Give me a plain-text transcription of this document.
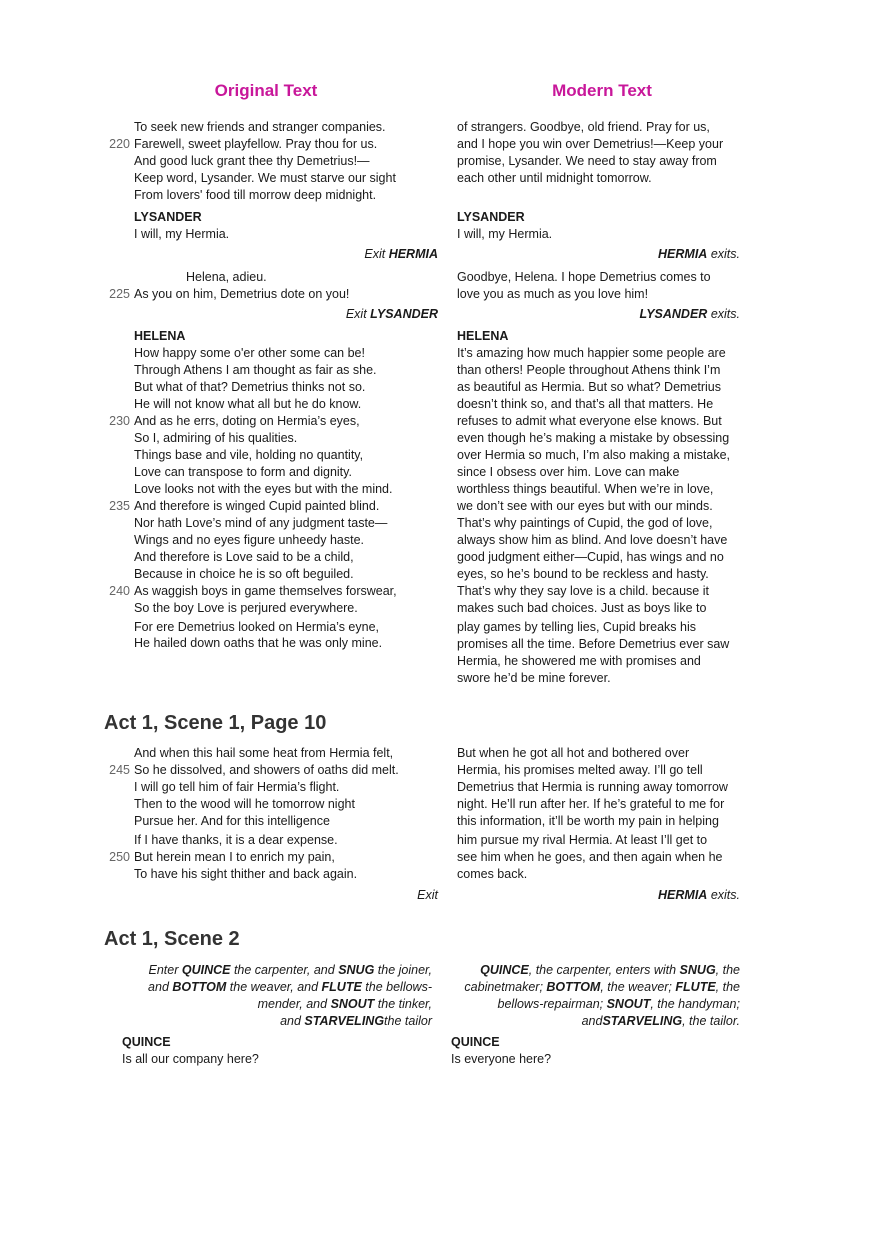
Original Text	Modern Text
To seek new friends and stranger companies.
220 Farewell, sweet playfellow. Pray thou for us.
And good luck grant thee thy Demetrius!—
Keep word, Lysander. We must starve our sight
From lovers' food till morrow deep midnight.
LYSANDER
I will, my Hermia.
Exit HERMIA
of strangers. Goodbye, old friend. Pray for us,
and I hope you win over Demetrius!—Keep your
promise, Lysander. We need to stay away from
each other until midnight tomorrow.
LYSANDER
I will, my Hermia.
HERMIA exits.
Helena, adieu.
225 As you on him, Demetrius dote on you!
Exit LYSANDER
Goodbye, Helena. I hope Demetrius comes to
love you as much as you love him!
LYSANDER exits.
HELENA
How happy some o'er other some can be!
Through Athens I am thought as fair as she.
But what of that? Demetrius thinks not so.
He will not know what all but he do know.
230 And as he errs, doting on Hermia’s eyes,
So I, admiring of his qualities.
Things base and vile, holding no quantity,
Love can transpose to form and dignity.
Love looks not with the eyes but with the mind.
235 And therefore is winged Cupid painted blind.
Nor hath Love’s mind of any judgment taste—
Wings and no eyes figure unheedy haste.
And therefore is Love said to be a child,
Because in choice he is so oft beguiled.
240 As waggish boys in game themselves forswear,
So the boy Love is perjured everywhere.
For ere Demetrius looked on Hermia’s eyne,
He hailed down oaths that he was only mine.
HELENA
It’s amazing how much happier some people are
than others! People throughout Athens think I’m
as beautiful as Hermia. But so what? Demetrius
doesn’t think so, and that’s all that matters. He
refuses to admit what everyone else knows. But
even though he’s making a mistake by obsessing
over Hermia so much, I’m also making a mistake,
since I obsess over him. Love can make
worthless things beautiful. When we’re in love,
we don’t see with our eyes but with our minds.
That’s why paintings of Cupid, the god of love,
always show him as blind. And love doesn’t have
good judgment either—Cupid, has wings and no
eyes, so he’s bound to be reckless and hasty.
That’s why they say love is a child. because it
makes such bad choices. Just as boys like to
play games by telling lies, Cupid breaks his
promises all the time. Before Demetrius ever saw
Hermia, he showered me with promises and
swore he’d be mine forever.
Act 1, Scene 1, Page 10
And when this hail some heat from Hermia felt,
245 So he dissolved, and showers of oaths did melt.
I will go tell him of fair Hermia’s flight.
Then to the wood will he tomorrow night
Pursue her. And for this intelligence
If I have thanks, it is a dear expense.
250 But herein mean I to enrich my pain,
To have his sight thither and back again.
Exit
But when he got all hot and bothered over
Hermia, his promises melted away. I’ll go tell
Demetrius that Hermia is running away tomorrow
night. He’ll run after her. If he’s grateful to me for
this information, it’ll be worth my pain in helping
him pursue my rival Hermia. At least I’ll get to
see him when he goes, and then again when he
comes back.
HERMIA exits.
Act 1, Scene 2
Enter QUINCE the carpenter, and SNUG the joiner,
and BOTTOM the weaver, and FLUTE the bellows-
mender, and SNOUT the tinker,
and STARVELINGthe tailor
QUINCE, the carpenter, enters with SNUG, the
cabinetmaker; BOTTOM, the weaver; FLUTE, the
bellows-repairman; SNOUT, the handyman;
andSTARVELING, the tailor.
QUINCE
Is all our company here?
QUINCE
Is everyone here?
